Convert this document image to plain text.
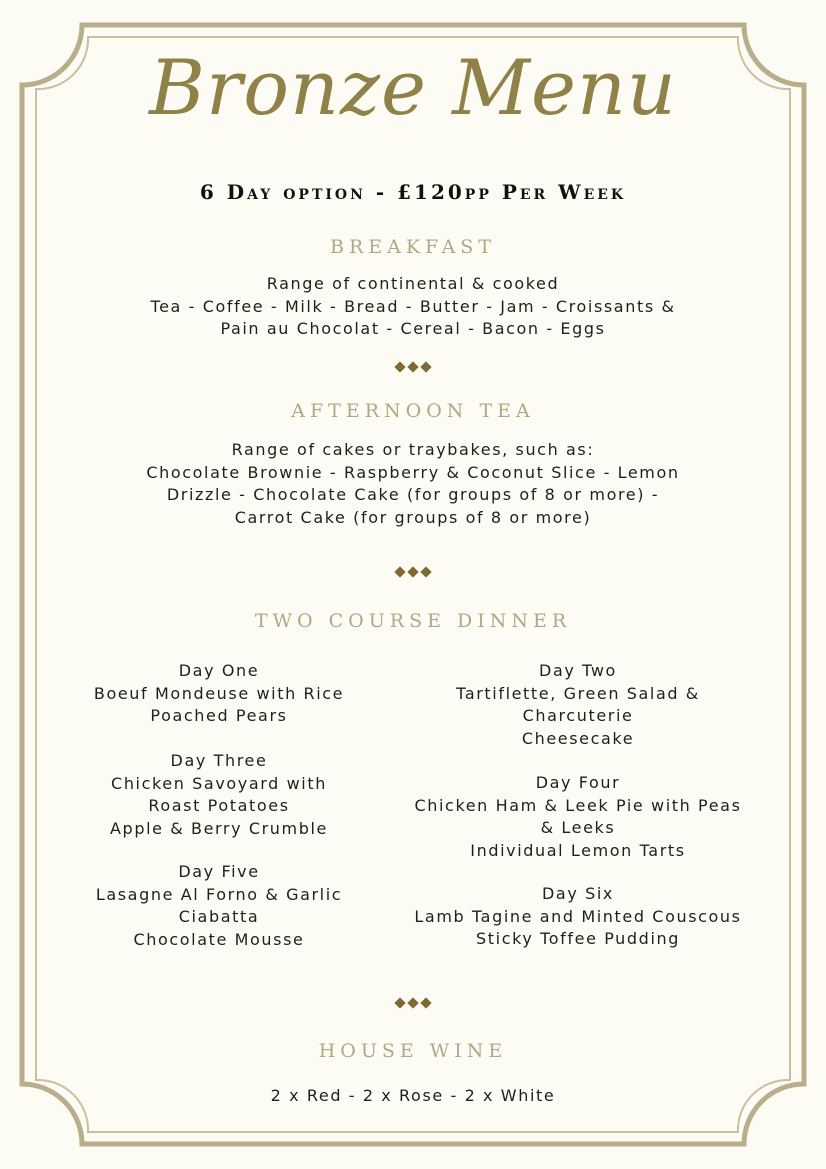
Bronze Menu
6 Day option - £120pp Per Week
BREAKFAST
Range of continental & cooked
Tea - Coffee - Milk - Bread - Butter - Jam - Croissants &
Pain au Chocolat - Cereal - Bacon - Eggs
AFTERNOON TEA
Range of cakes or traybakes, such as:
Chocolate Brownie - Raspberry & Coconut Slice - Lemon
Drizzle - Chocolate Cake (for groups of 8 or more) -
Carrot Cake (for groups of 8 or more)
TWO COURSE DINNER
Day One
Boeuf Mondeuse with Rice
Poached Pears
Day Two
Tartiflette, Green Salad &
Charcuterie
Cheesecake
Day Three
Chicken Savoyard with
Roast Potatoes
Apple & Berry Crumble
Day Four
Chicken Ham & Leek Pie with Peas
& Leeks
Individual Lemon Tarts
Day Five
Lasagne Al Forno & Garlic
Ciabatta
Chocolate Mousse
Day Six
Lamb Tagine and Minted Couscous
Sticky Toffee Pudding
HOUSE WINE
2 x Red - 2 x Rose - 2 x White
